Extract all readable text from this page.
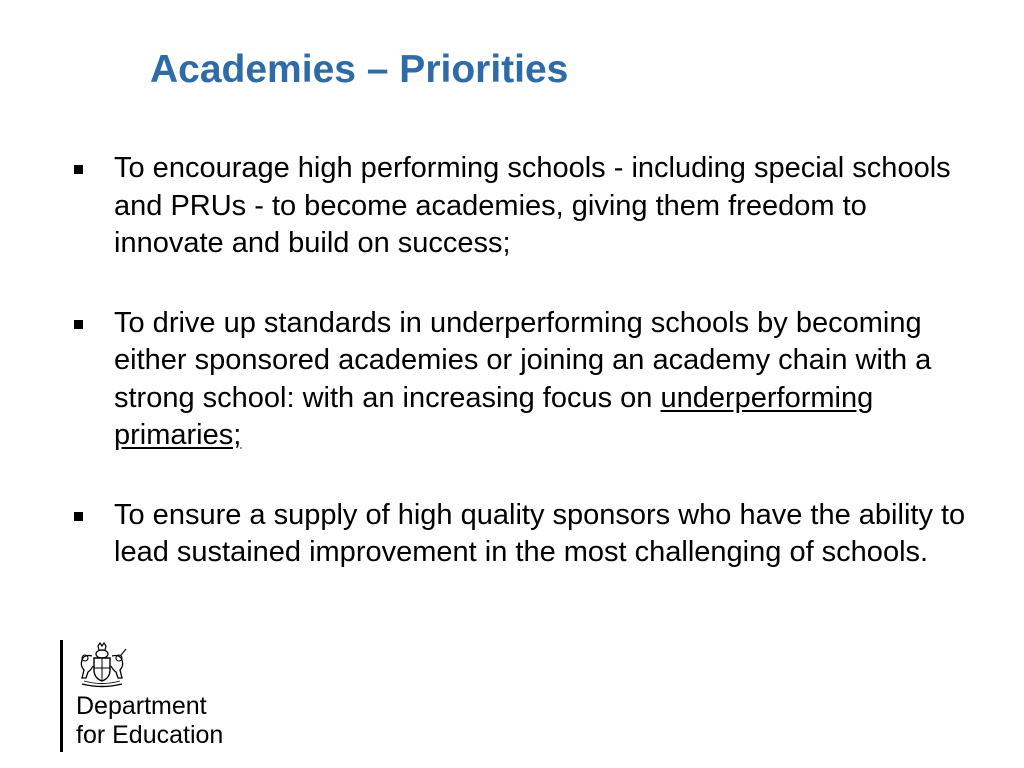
Academies – Priorities
To encourage high performing schools - including special schools and PRUs - to become academies, giving them freedom to innovate and build on success;
To drive up standards in underperforming schools by becoming either sponsored academies or joining an academy chain with a strong school: with an increasing focus on underperforming primaries;
To ensure a supply of high quality sponsors who have the ability to lead sustained improvement in the most challenging of schools.
Department
for Education
